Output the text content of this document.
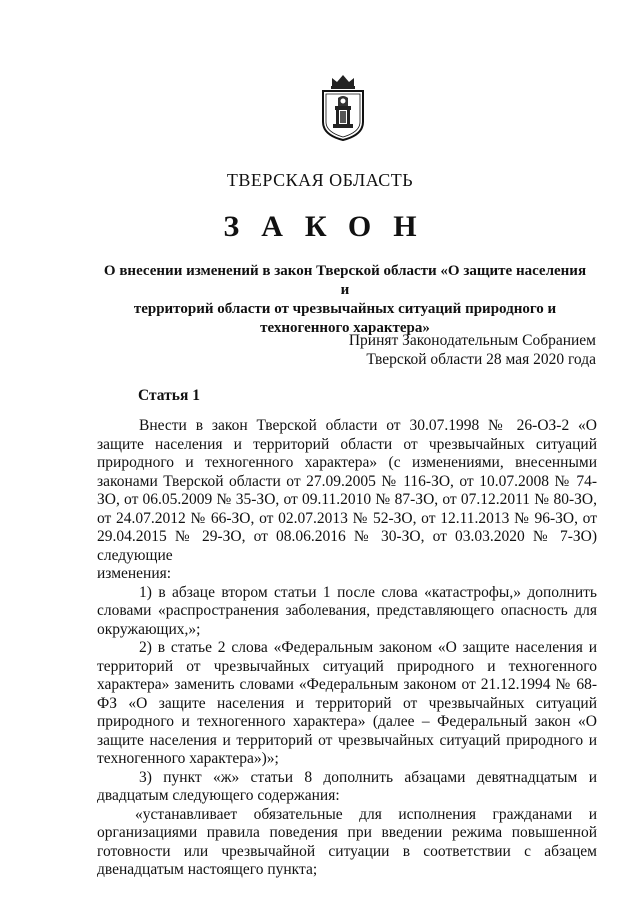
ТВЕРСКАЯ ОБЛАСТЬ
ЗАКОН
О внесении изменений в закон Тверской области «О защите населения и
территорий области от чрезвычайных ситуаций природного и
техногенного характера»
Принят Законодательным Собранием
Тверской области 28 мая 2020 года
Статья 1

Внести в закон Тверской области от 30.07.1998 № 26-ОЗ-2 «О защите населения и территорий области от чрезвычайных ситуаций природного и техногенного характера» (с изменениями, внесенными законами Тверской области от 27.09.2005 № 116-ЗО, от 10.07.2008 № 74-ЗО, от 06.05.2009 № 35-ЗО, от 09.11.2010 № 87-ЗО, от 07.12.2011 № 80-ЗО, от 24.07.2012 № 66-ЗО, от 02.07.2013 № 52-ЗО, от 12.11.2013 № 96-ЗО, от 29.04.2015 № 29-ЗО, от 08.06.2016 № 30-ЗО, от 03.03.2020 № 7-ЗО) следующие

изменения:

1) в абзаце втором статьи 1 после слова «катастрофы,» дополнить словами «распространения заболевания, представляющего опасность для окружающих,»;

2) в статье 2 слова «Федеральным законом «О защите населения и территорий от чрезвычайных ситуаций природного и техногенного характера» заменить словами «Федеральным законом от 21.12.1994 № 68-ФЗ «О защите населения и территорий от чрезвычайных ситуаций природного и техногенного характера» (далее – Федеральный закон «О защите населения и территорий от чрезвычайных ситуаций природного и техногенного характера»)»;

3) пункт «ж» статьи 8 дополнить абзацами девятнадцатым и двадцатым следующего содержания:

«устанавливает обязательные для исполнения гражданами и организациями правила поведения при введении режима повышенной готовности или чрезвычайной ситуации в соответствии с абзацем двенадцатым настоящего пункта;
